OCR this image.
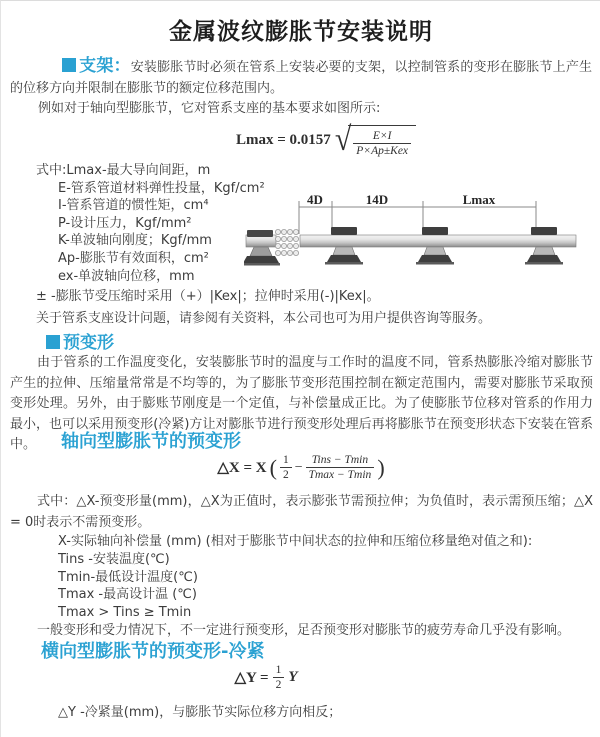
金属波纹膨胀节安装说明
支架：安装膨胀节时必须在管系上安装必要的支架，以控制管系的变形在膨胀节上产生的位移方向并限制在膨胀节的额定位移范围内。
例如对于轴向型膨胀节，它对管系支座的基本要求如图所示:
Lmax = 0.0157 √ $\frac{E\times I}{\text{P×Ap±Kex}}$
式中:Lmax-最大导向间距，m
E-管系管道材料弹性投量，Kgf/cm²
I-管系管道的惯性矩，cm⁴
P-设计压力，Kgf/mm²
K-单波轴向刚度；Kgf/mm
Ap-膨胀节有效面积，cm²
ex-单波轴向位移，mm
± -膨胀节受压缩时采用（+）|Kex|；拉伸时采用(-)|Kex|。
关于管系支座设计问题，请参阅有关资料，本公司也可为用户提供咨询等服务。
4D	14D	Lmax
预变形
由于管系的工作温度变化，安装膨胀节时的温度与工作时的温度不同，管系热膨胀冷缩对膨胀节产生的拉伸、压缩量常常是不均等的，为了膨胀节变形范围控制在额定范围内，需要对膨胀节采取预变形处理。另外，由于膨账节刚度是一个定值，与补偿量成正比。为了使膨胀节位移对管系的作用力最小，也可以采用预变形(冷紧)方让对膨胀节进行预变形处理后再将膨胀节在预变形状态下安装在管系中。	轴向型膨胀节的预变形
△X = X ( $\frac{1}{2} - \frac{\text{Tins − Tmin}}{Tmax - Tmin}$ )
式中：△X-预变形量(mm)，△X为正值时，表示膨张节需预拉伸；为负值时，表示需预压缩；△X = 0时表示不需预变形。
X-实际轴向补偿量 (mm) (相对于膨胀节中间状态的拉伸和压缩位移量绝对值之和):
Tins -安装温度(℃)
Tmin-最低设计温度(℃)
Tmax -最高设计温 (℃)
Tmax > Tins ≥ Tmin
一般变形和受力情况下，不一定进行预变形，足否预变形对膨胀节的疲劳寿命几乎没有影响。
横向型膨胀节的预变形-冷紧
△Y = $\frac{1}{2}$ Y
△Y -冷紧量(mm)，与膨胀节实际位移方向相反；
